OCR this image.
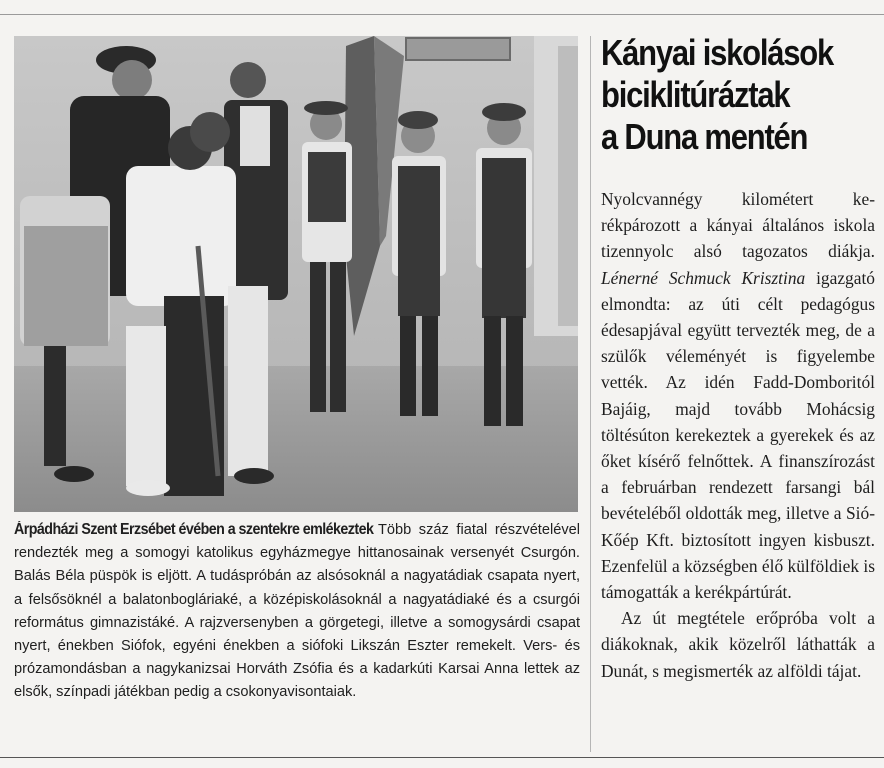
Árpádházi Szent Erzsébet évében a szentekre emlékeztek Több száz fiatal részvételével rendezték meg a somogyi katolikus egyházmegye hittanosainak versenyét Csurgón. Balás Béla püspök is eljött. A tudáspróbán az alsósoknál a nagyatádiak csapata nyert, a felsősöknél a balatonbogláriaké, a középiskolásoknál a nagyatádiaké és a csurgói református gimnazistáké. A rajzversenyben a görgetegi, illetve a somogysárdi csapat nyert, énekben Siófok, egyéni énekben a siófoki Likszán Eszter remekelt. Vers- és prózamondásban a nagykanizsai Horváth Zsófia és a kadarkúti Karsai Anna lettek az elsők, színpadi játékban pedig a csokonyavisontaiak.
Kányai iskolások
biciklitúráztak
a Duna mentén

Nyolcvannégy kilométert kerékpározott a kányai általános iskola tizennyolc alsó tagozatos diákja. Lénerné Schmuck Krisztina igazgató elmondta: az úti célt pedagógus édesapjával együtt tervezték meg, de a szülők véleményét is figyelembe vették. Az idén Fadd-Domboritól Bajáig, majd tovább Mohácsig töltésúton kerekeztek a gyerekek és az őket kísérő felnőttek. A finanszírozást a februárban rendezett farsangi bál bevételéből oldották meg, illetve a Sió-Kőép Kft. biztosított ingyen kisbuszt. Ezenfelül a községben élő külföldiek is támogatták a kerékpártúrát.

Az út megtétele erőpróba volt a diákoknak, akik közelről láthatták a Dunát, s megismerték az alföldi tájat.
